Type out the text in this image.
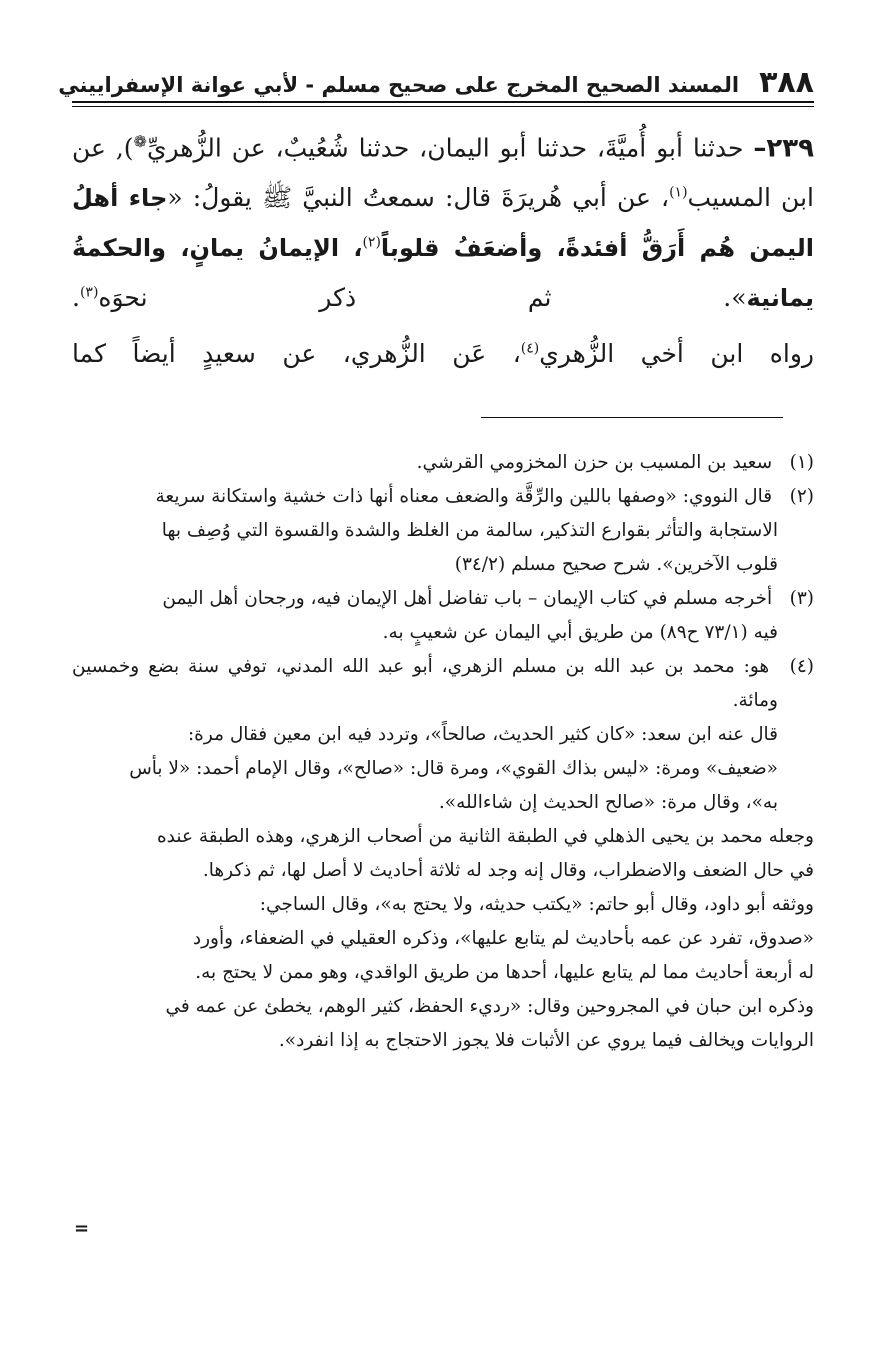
٣٨٨
المسند الصحيح المخرج على صحيح مسلم - لأبي عوانة الإسفراييني

٢٣٩– حدثنا أبو أُميَّةَ، حدثنا أبو اليمان، حدثنا شُعُيبٌ، عن الزُّهريِّ❁), عن ابن المسيب$^{(١)}$، عن أبي هُريرَةَ قال: سمعتُ النبيَّ ﷺ يقولُ: «جاء أهلُ اليمن هُم أَرَقُّ أفئدةً، وأضعَفُ قلوباً$^{(٢)}$، الإيمانُ يمانٍ، والحكمةُ يمانية». ثم ذكر نحوَه$^{(٣)}$.

رواه ابن أخي الزُّهري$^{(٤)}$، عَن الزُّهري، عن سعيدٍ أيضاً كما

(١) سعيد بن المسيب بن حزن المخزومي القرشي.
(٢) قال النووي: «وصفها باللين والرِّقَّة والضعف معناه أنها ذات خشية واستكانة سريعة
الاستجابة والتأثر بقوارع التذكير، سالمة من الغلظ والشدة والقسوة التي وُصِف بها
قلوب الآخرين». شرح صحيح مسلم (٣٤/٢)
(٣) أخرجه مسلم في كتاب الإيمان – باب تفاضل أهل الإيمان فيه، ورجحان أهل اليمن
فيه (٧٣/١ ح٨٩) من طريق أبي اليمان عن شعيبٍ به.
(٤) هو: محمد بن عبد الله بن مسلم الزهري، أبو عبد الله المدني، توفي سنة بضع وخمسين ومائة.
قال عنه ابن سعد: «كان كثير الحديث، صالحاً»، وتردد فيه ابن معين فقال مرة:
«ضعيف» ومرة: «ليس بذاك القوي»، ومرة قال: «صالح»، وقال الإمام أحمد: «لا بأس
به»، وقال مرة: «صالح الحديث إن شاءالله».
وجعله محمد بن يحيى الذهلي في الطبقة الثانية من أصحاب الزهري، وهذه الطبقة عنده
في حال الضعف والاضطراب، وقال إنه وجد له ثلاثة أحاديث لا أصل لها، ثم ذكرها.
ووثقه أبو داود، وقال أبو حاتم: «يكتب حديثه، ولا يحتج به»، وقال الساجي:
«صدوق، تفرد عن عمه بأحاديث لم يتابع عليها»، وذكره العقيلي في الضعفاء، وأورد
له أربعة أحاديث مما لم يتابع عليها، أحدها من طريق الواقدي، وهو ممن لا يحتج به.
وذكره ابن حبان في المجروحين وقال: «رديء الحفظ، كثير الوهم، يخطئ عن عمه في
الروايات ويخالف فيما يروي عن الأثبات فلا يجوز الاحتجاج به إذا انفرد».
=
